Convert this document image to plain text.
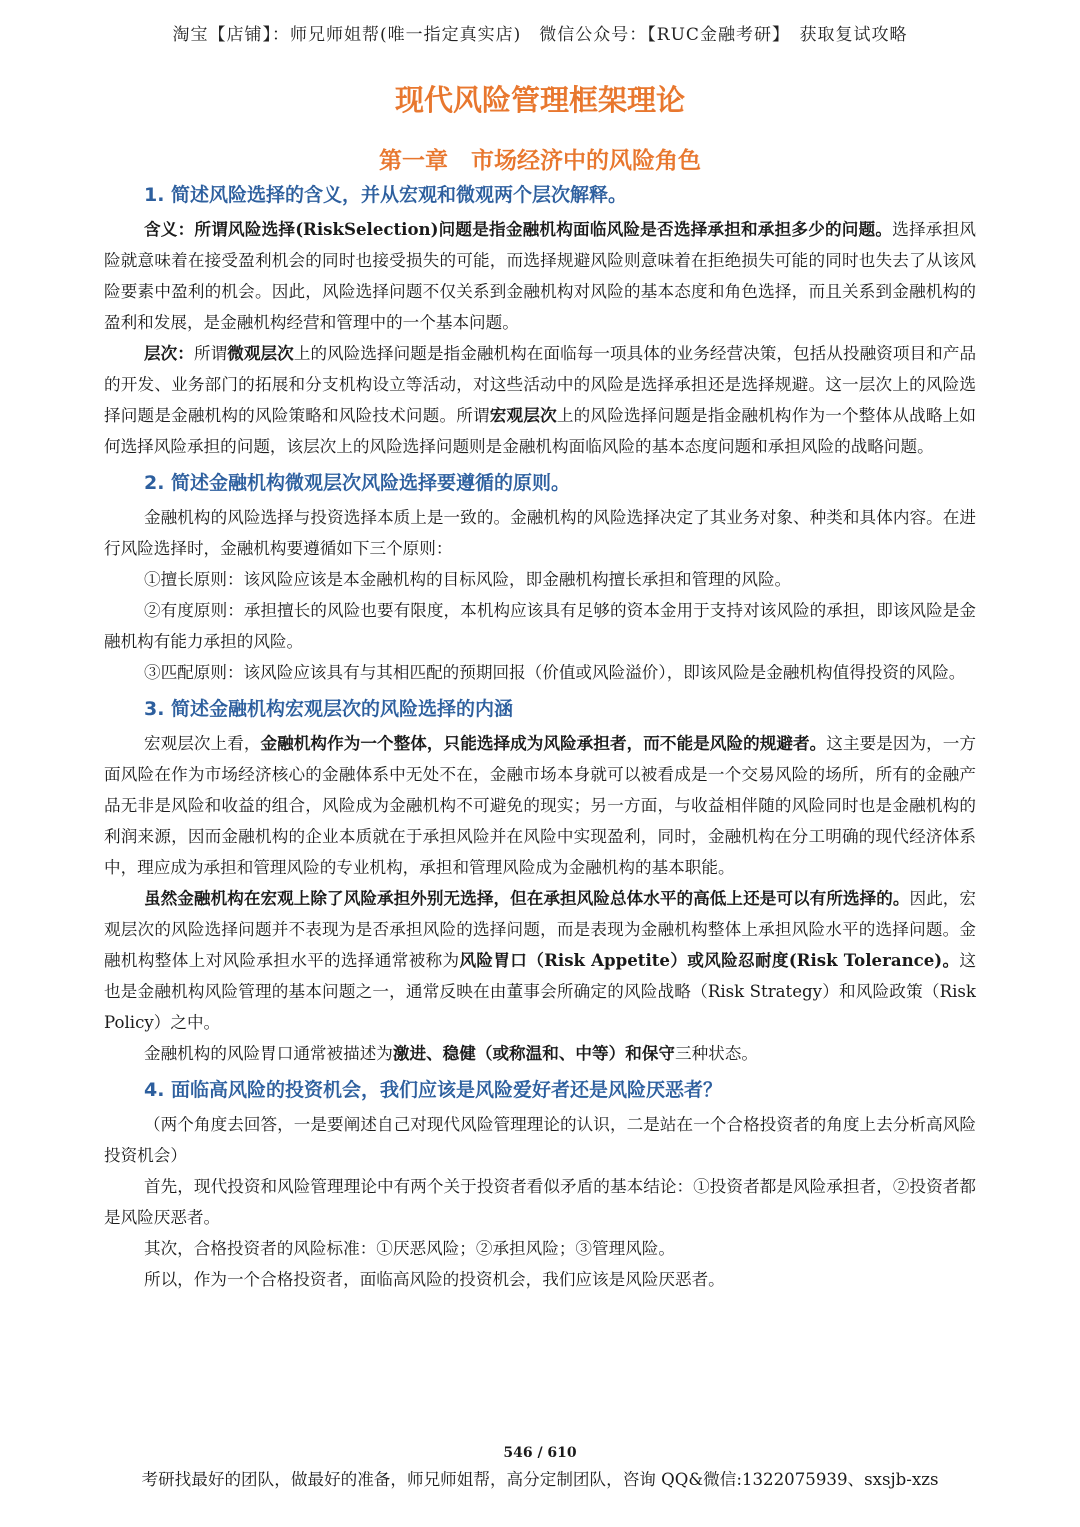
淘宝【店铺】：师兄师姐帮(唯一指定真实店)　微信公众号：【RUC金融考研】　获取复试攻略
现代风险管理框架理论
第一章　市场经济中的风险角色
1. 简述风险选择的含义，并从宏观和微观两个层次解释。

含义：所谓风险选择(RiskSelection)问题是指金融机构面临风险是否选择承担和承担多少的问题。选择承担风险就意味着在接受盈利机会的同时也接受损失的可能，而选择规避风险则意味着在拒绝损失可能的同时也失去了从该风险要素中盈利的机会。因此，风险选择问题不仅关系到金融机构对风险的基本态度和角色选择，而且关系到金融机构的盈利和发展，是金融机构经营和管理中的一个基本问题。

层次：所谓微观层次上的风险选择问题是指金融机构在面临每一项具体的业务经营决策，包括从投融资项目和产品的开发、业务部门的拓展和分支机构设立等活动，对这些活动中的风险是选择承担还是选择规避。这一层次上的风险选择问题是金融机构的风险策略和风险技术问题。所谓宏观层次上的风险选择问题是指金融机构作为一个整体从战略上如何选择风险承担的问题，该层次上的风险选择问题则是金融机构面临风险的基本态度问题和承担风险的战略问题。

2. 简述金融机构微观层次风险选择要遵循的原则。

金融机构的风险选择与投资选择本质上是一致的。金融机构的风险选择决定了其业务对象、种类和具体内容。在进行风险选择时，金融机构要遵循如下三个原则：

①擅长原则：该风险应该是本金融机构的目标风险，即金融机构擅长承担和管理的风险。

②有度原则：承担擅长的风险也要有限度，本机构应该具有足够的资本金用于支持对该风险的承担，即该风险是金融机构有能力承担的风险。

③匹配原则：该风险应该具有与其相匹配的预期回报（价值或风险溢价），即该风险是金融机构值得投资的风险。

3. 简述金融机构宏观层次的风险选择的内涵

宏观层次上看，金融机构作为一个整体，只能选择成为风险承担者，而不能是风险的规避者。这主要是因为，一方面风险在作为市场经济核心的金融体系中无处不在，金融市场本身就可以被看成是一个交易风险的场所，所有的金融产品无非是风险和收益的组合，风险成为金融机构不可避免的现实；另一方面，与收益相伴随的风险同时也是金融机构的利润来源，因而金融机构的企业本质就在于承担风险并在风险中实现盈利，同时，金融机构在分工明确的现代经济体系中，理应成为承担和管理风险的专业机构，承担和管理风险成为金融机构的基本职能。

虽然金融机构在宏观上除了风险承担外别无选择，但在承担风险总体水平的高低上还是可以有所选择的。因此，宏观层次的风险选择问题并不表现为是否承担风险的选择问题，而是表现为金融机构整体上承担风险水平的选择问题。金融机构整体上对风险承担水平的选择通常被称为风险胃口（Risk Appetite）或风险忍耐度(Risk Tolerance)。这也是金融机构风险管理的基本问题之一，通常反映在由董事会所确定的风险战略（Risk Strategy）和风险政策（Risk Policy）之中。

金融机构的风险胃口通常被描述为激进、稳健（或称温和、中等）和保守三种状态。

4. 面临高风险的投资机会，我们应该是风险爱好者还是风险厌恶者？

（两个角度去回答，一是要阐述自己对现代风险管理理论的认识，二是站在一个合格投资者的角度上去分析高风险投资机会）

首先，现代投资和风险管理理论中有两个关于投资者看似矛盾的基本结论：①投资者都是风险承担者，②投资者都是风险厌恶者。

其次，合格投资者的风险标准：①厌恶风险；②承担风险；③管理风险。

所以，作为一个合格投资者，面临高风险的投资机会，我们应该是风险厌恶者。

546 / 610
考研找最好的团队，做最好的准备，师兄师姐帮，高分定制团队，咨询 QQ&微信:1322075939、sxsjb-xzs
